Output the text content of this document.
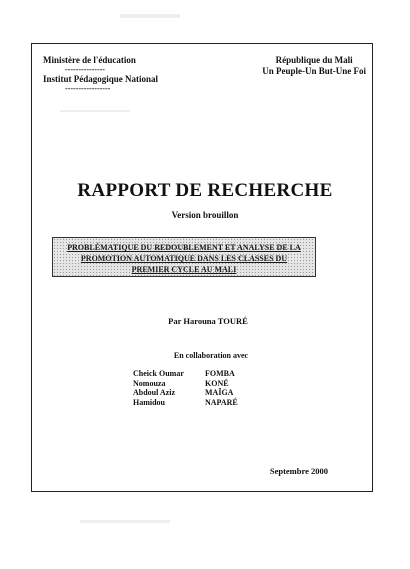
Ministère de l'éducation
---------------
Institut Pédagogique National
-----------------
République du Mali
Un Peuple-Un But-Une Foi
RAPPORT DE RECHERCHE
Version brouillon
PROBLÉMATIQUE DU REDOUBLEMENT ET ANALYSE DE LA
PROMOTION AUTOMATIQUE DANS LES CLASSES DU
PREMIER CYCLE AU MALI
Par Harouna TOURÉ
En collaboration avec
Cheick Oumar	FOMBA
Nomouza	KONÉ
Abdoul Aziz	MAÏGA
Hamidou	NAPARÉ
Septembre 2000
